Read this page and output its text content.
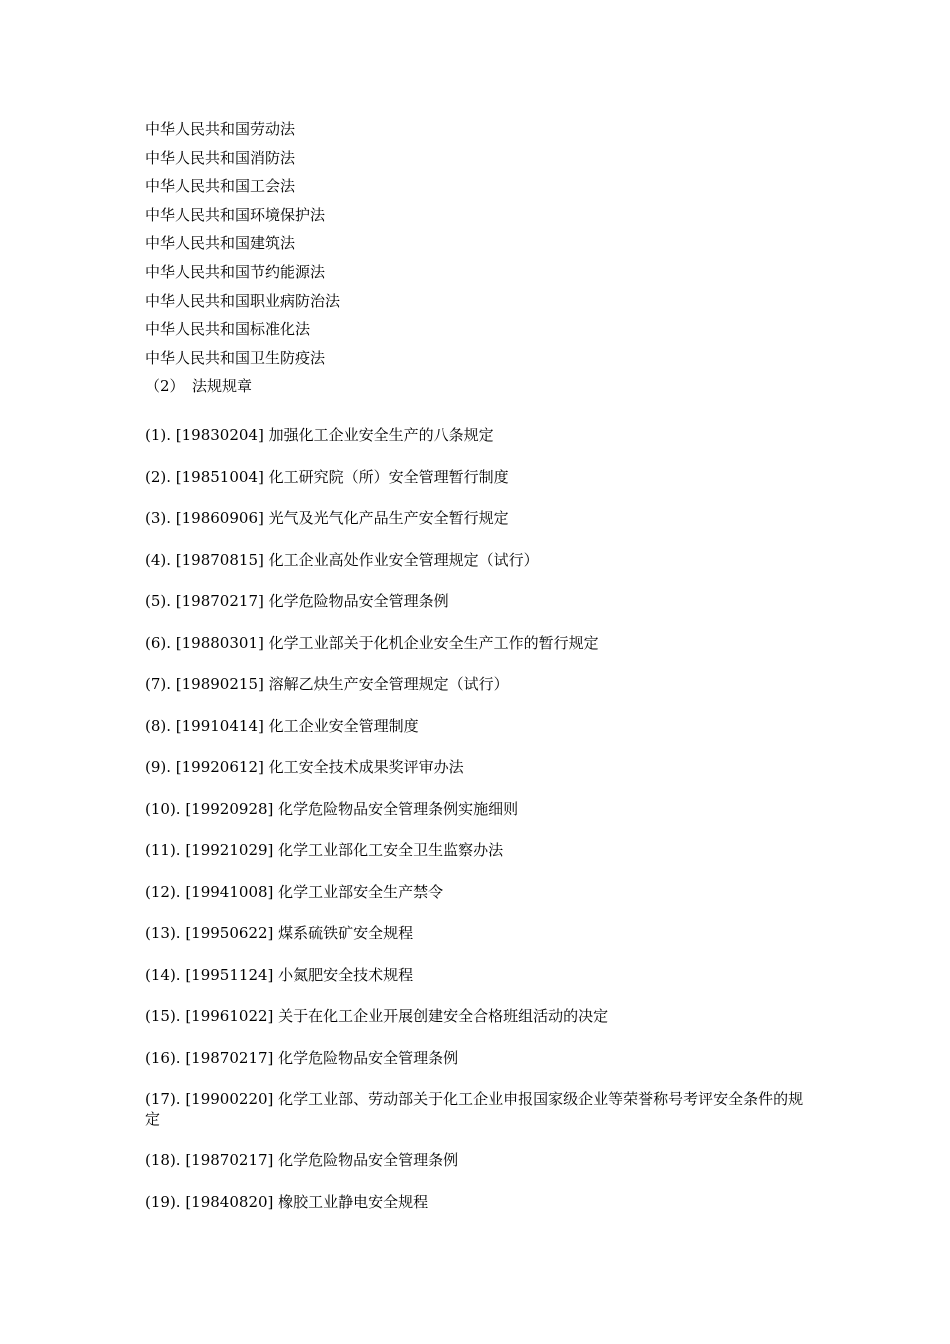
中华人民共和国劳动法
中华人民共和国消防法
中华人民共和国工会法
中华人民共和国环境保护法
中华人民共和国建筑法
中华人民共和国节约能源法
中华人民共和国职业病防治法
中华人民共和国标准化法
中华人民共和国卫生防疫法
（2）　法规规章
(1). [19830204] 加强化工企业安全生产的八条规定
(2). [19851004] 化工研究院（所）安全管理暂行制度
(3). [19860906] 光气及光气化产品生产安全暂行规定
(4). [19870815] 化工企业高处作业安全管理规定（试行）
(5). [19870217] 化学危险物品安全管理条例
(6). [19880301] 化学工业部关于化机企业安全生产工作的暂行规定
(7). [19890215] 溶解乙炔生产安全管理规定（试行）
(8). [19910414] 化工企业安全管理制度
(9). [19920612] 化工安全技术成果奖评审办法
(10). [19920928] 化学危险物品安全管理条例实施细则
(11). [19921029] 化学工业部化工安全卫生监察办法
(12). [19941008] 化学工业部安全生产禁令
(13). [19950622] 煤系硫铁矿安全规程
(14). [19951124] 小氮肥安全技术规程
(15). [19961022] 关于在化工企业开展创建安全合格班组活动的决定
(16). [19870217] 化学危险物品安全管理条例
(17). [19900220] 化学工业部、劳动部关于化工企业申报国家级企业等荣誉称号考评安全条件的规定
(18). [19870217] 化学危险物品安全管理条例
(19). [19840820] 橡胶工业静电安全规程
